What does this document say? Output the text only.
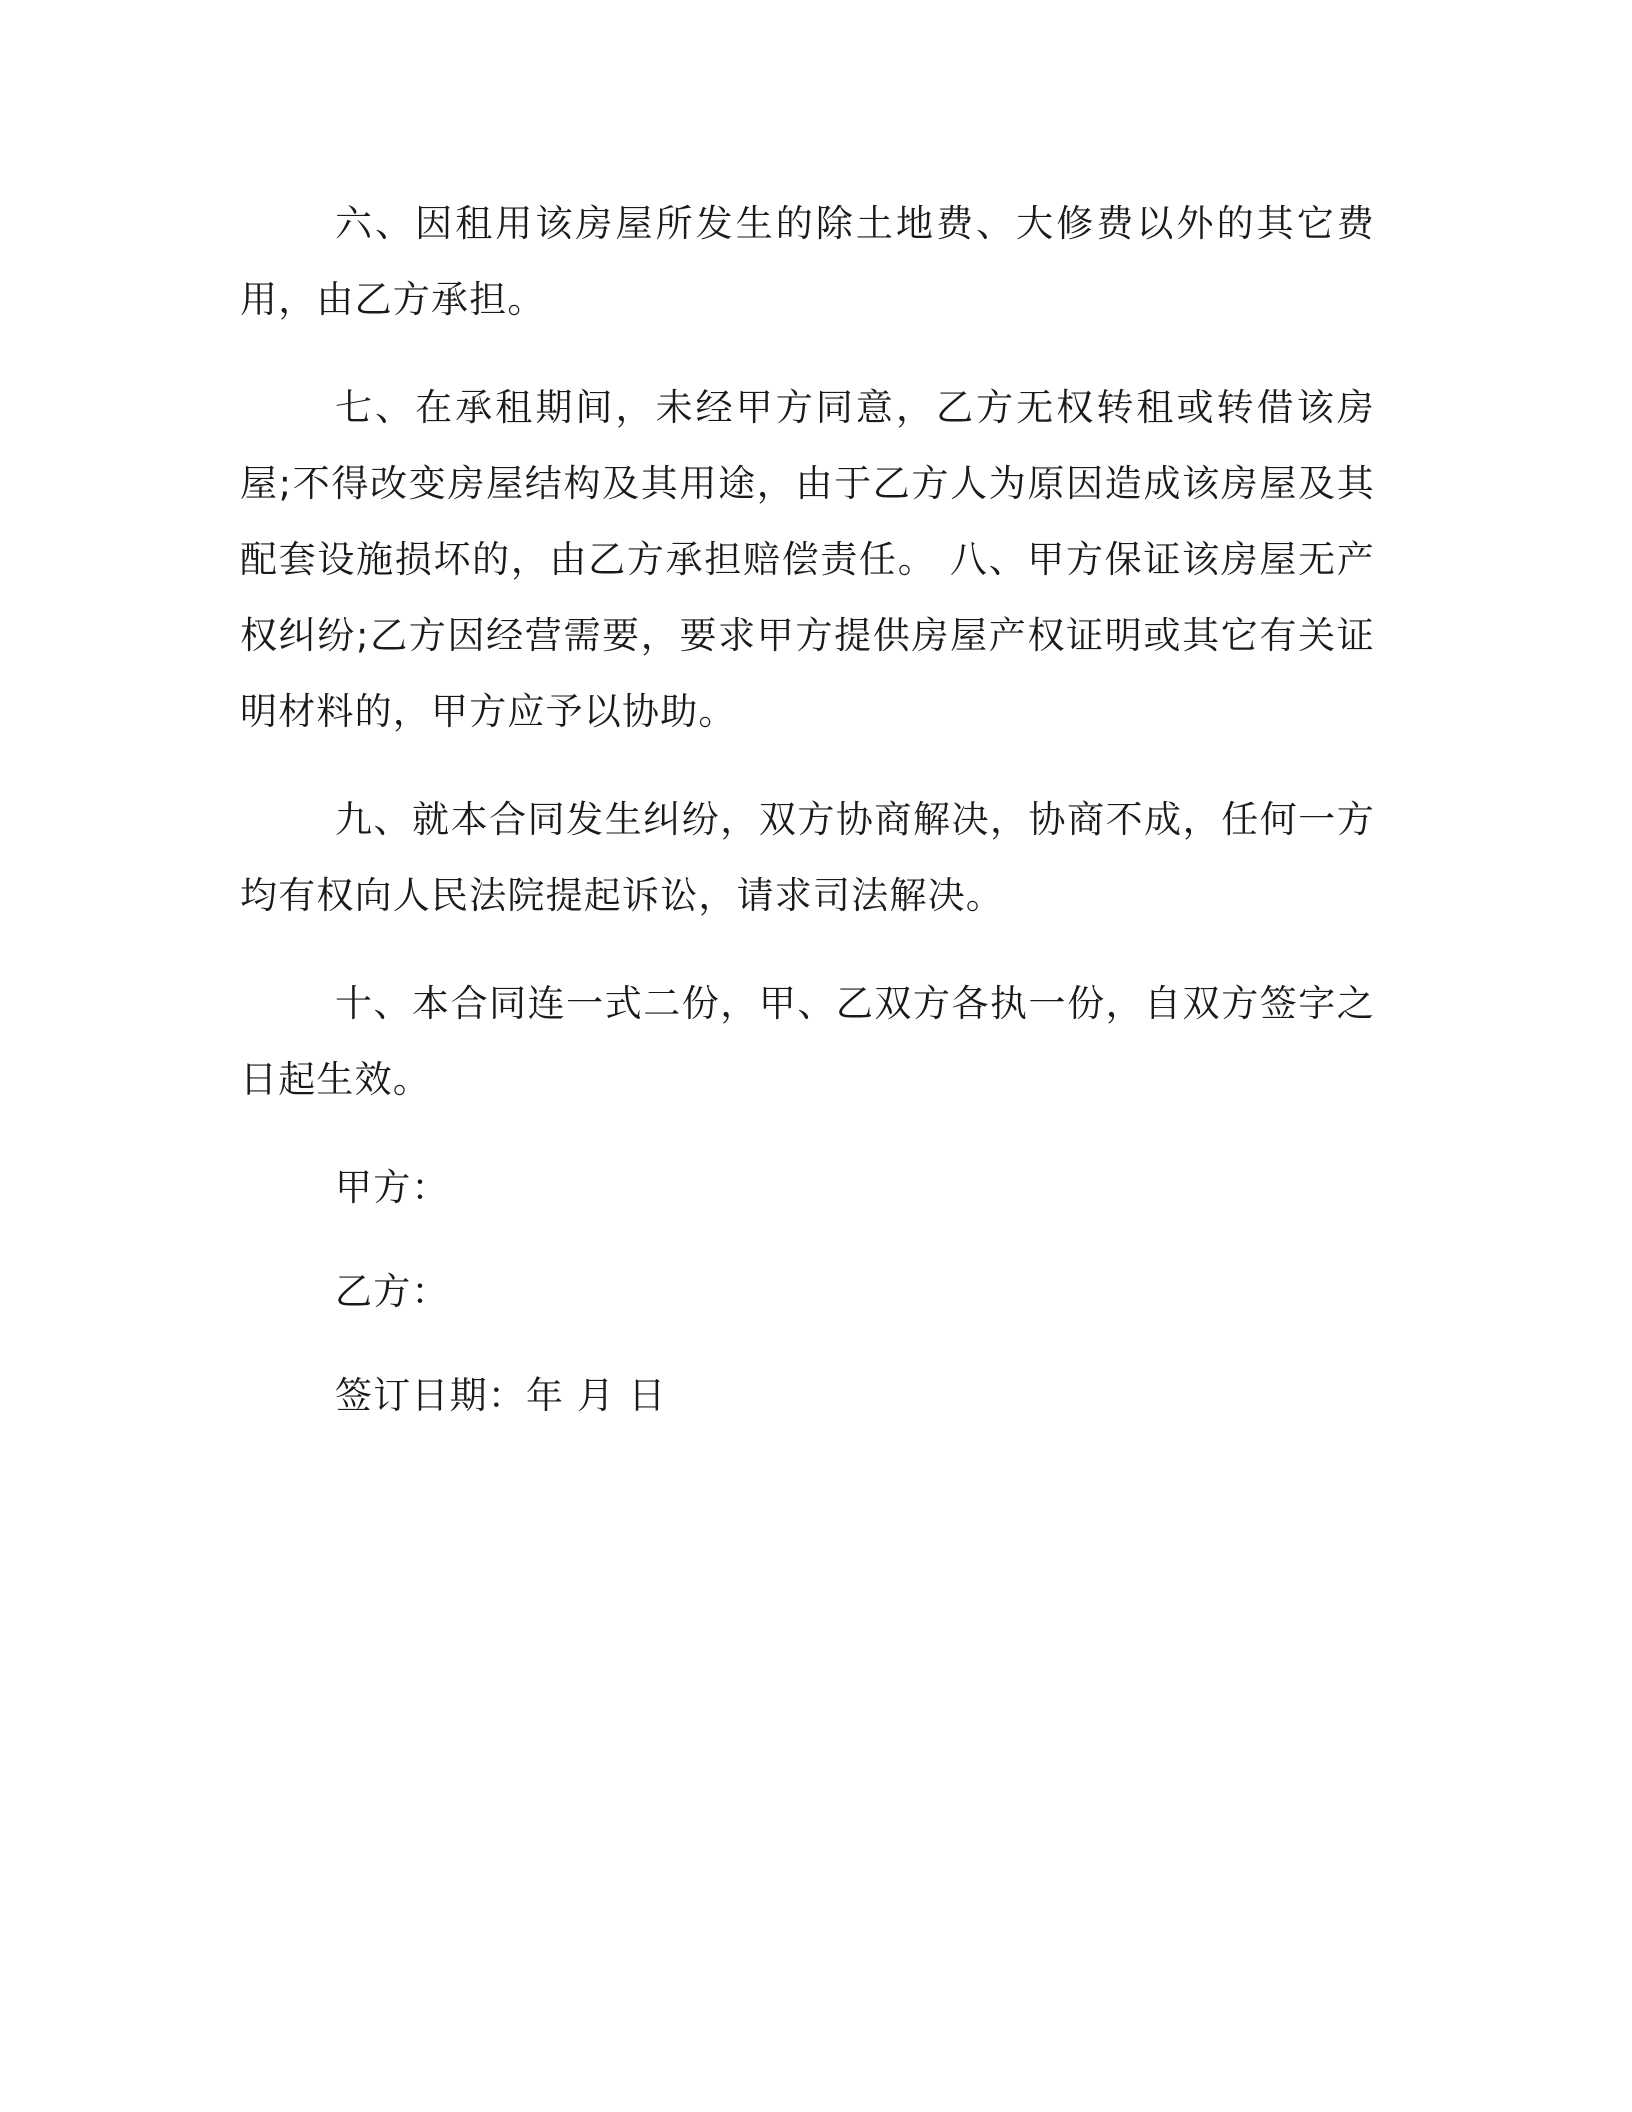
六、因租用该房屋所发生的除土地费、大修费以外的其它费用，由乙方承担。

七、在承租期间，未经甲方同意，乙方无权转租或转借该房屋;不得改变房屋结构及其用途，由于乙方人为原因造成该房屋及其配套设施损坏的，由乙方承担赔偿责任。 八、甲方保证该房屋无产权纠纷;乙方因经营需要，要求甲方提供房屋产权证明或其它有关证明材料的，甲方应予以协助。

九、就本合同发生纠纷，双方协商解决，协商不成，任何一方均有权向人民法院提起诉讼，请求司法解决。

十、本合同连一式二份，甲、乙双方各执一份，自双方签字之日起生效。

甲方：

乙方：

签订日期：年 月 日
